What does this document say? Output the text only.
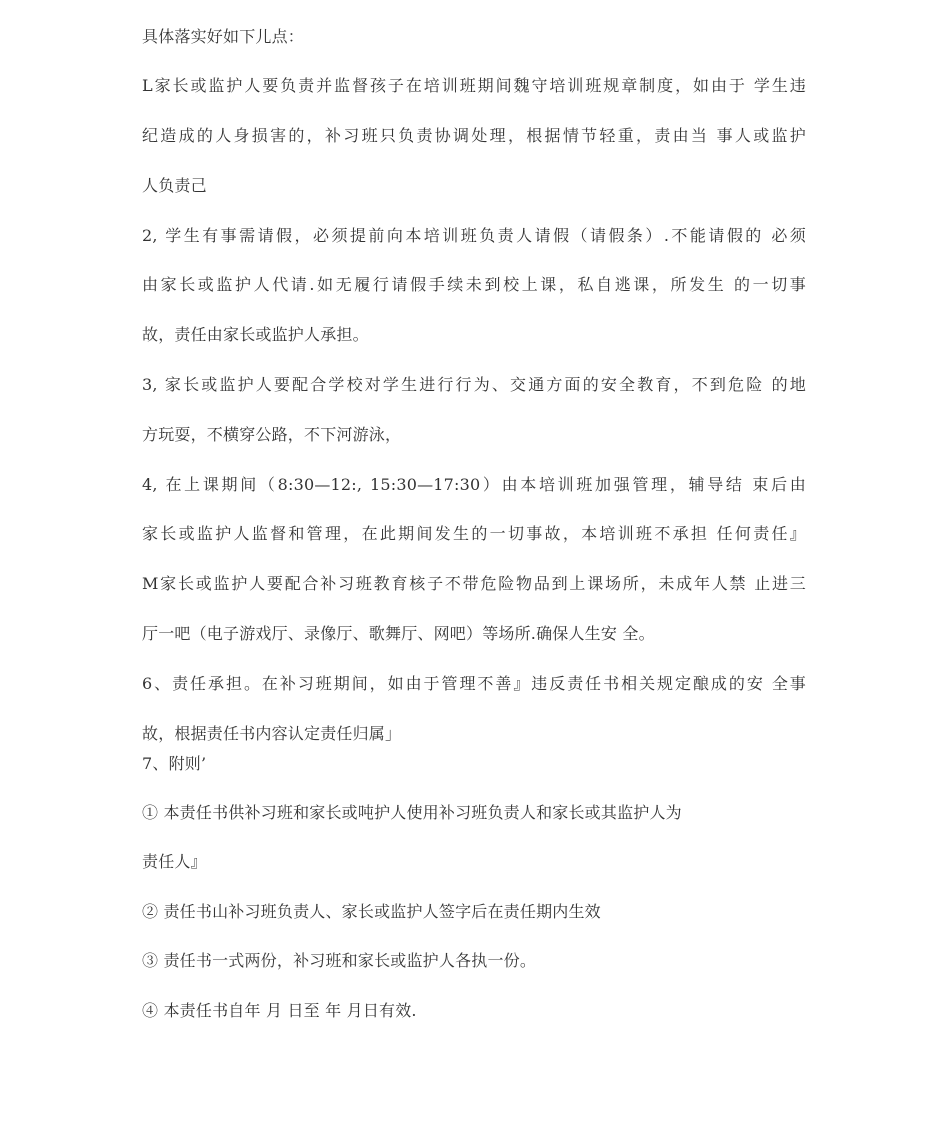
具体落实好如下儿点：
L家长或监护人要负责并监督孩子在培训班期间魏守培训班规章制度，如由于 学生违
纪造成的人身损害的，补习班只负责协调处理，根据情节轻重，责由当 事人或监护
人负责己
2, 学生有事需请假，必须提前向本培训班负责人请假（请假条）.不能请假的 必须
由家长或监护人代请.如无履行请假手续未到校上课，私自逃课，所发生 的一切事
故，责任由家长或监护人承担。
3, 家长或监护人要配合学校对学生进行行为、交通方面的安全教育，不到危险 的地
方玩耍，不横穿公路，不下河游泳，
4, 在上课期间（8:30—12:, 15:30—17:30）由本培训班加强管理，辅导结 束后由
家长或监护人监督和管理，在此期间发生的一切事故，本培训班不承担 任何责任』
M家长或监护人要配合补习班教育核子不带危险物品到上课场所，未成年人禁 止进三
厅一吧（电子游戏厅、录像厅、歌舞厅、网吧）等场所.确保人生安 全。
6、责任承担。在补习班期间，如由于管理不善』违反责任书相关规定酿成的安 全事
故，根据责任书内容认定责任归属」
7、附则’
① 本责任书供补习班和家长或吨护人使用补习班负责人和家长或其监护人为
责任人』
② 责任书山补习班负责人、家长或监护人签字后在责任期内生效
③ 责任书一式两份，补习班和家长或监护人各执一份。
④ 本责任书自年 月 日至 年 月日有效.
